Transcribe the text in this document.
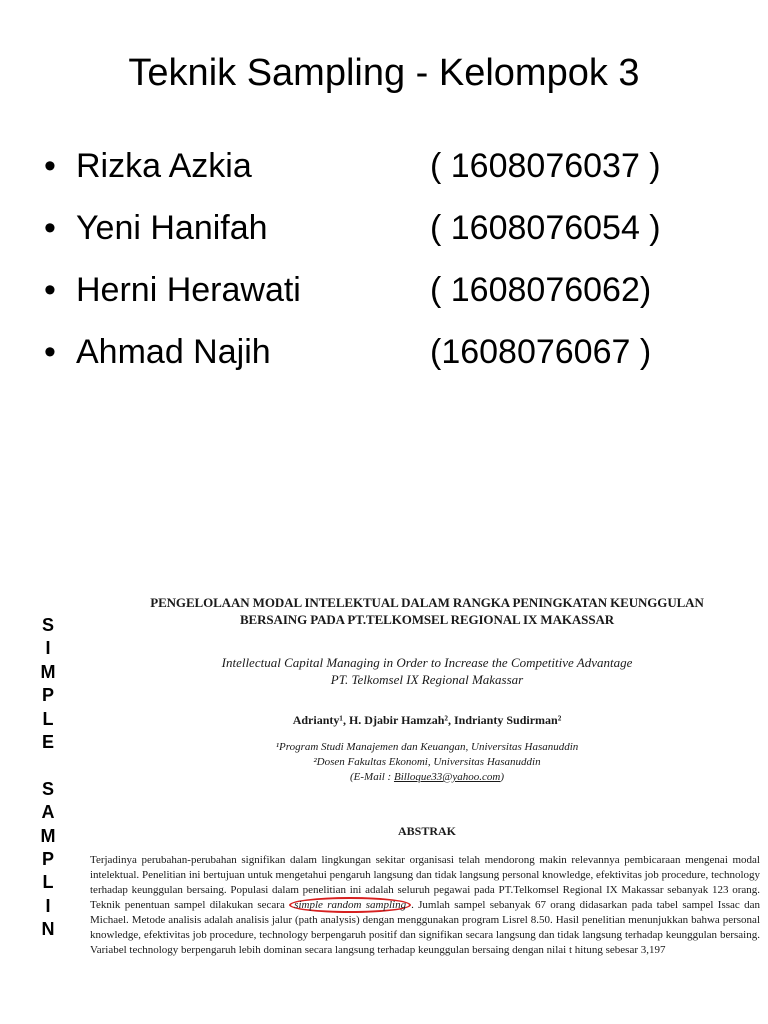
Teknik Sampling - Kelompok 3
• Rizka Azkia	( 1608076037 )
• Yeni Hanifah	( 1608076054 )
• Herni Herawati	( 1608076062)
• Ahmad Najih	(1608076067 )
S
I
M
P
L
E
S
A
M
P
L
I
N

PENGELOLAAN MODAL INTELEKTUAL DALAM RANGKA PENINGKATAN KEUNGGULAN
BERSAING PADA PT.TELKOMSEL REGIONAL IX MAKASSAR

Intellectual Capital Managing in Order to Increase the Competitive Advantage
PT. Telkomsel IX Regional Makassar

Adrianty¹, H. Djabir Hamzah², Indrianty Sudirman²

¹Program Studi Manajemen dan Keuangan, Universitas Hasanuddin
²Dosen Fakultas Ekonomi, Universitas Hasanuddin

(E-Mail : Billoque33@yahoo.com)

ABSTRAK

Terjadinya perubahan-perubahan signifikan dalam lingkungan sekitar organisasi telah mendorong makin relevannya pembicaraan mengenai modal intelektual. Penelitian ini bertujuan untuk mengetahui pengaruh langsung dan tidak langsung personal knowledge, efektivitas job procedure, technology terhadap keunggulan bersaing. Populasi dalam penelitian ini adalah seluruh pegawai pada PT.Telkomsel Regional IX Makassar sebanyak 123 orang. Teknik penentuan sampel dilakukan secara simple random sampling . Jumlah sampel sebanyak 67 orang didasarkan pada tabel sampel Issac dan Michael. Metode analisis adalah analisis jalur (path analysis) dengan menggunakan program Lisrel 8.50. Hasil penelitian menunjukkan bahwa personal knowledge, efektivitas job procedure, technology berpengaruh positif dan signifikan secara langsung dan tidak langsung terhadap keunggulan bersaing. Variabel technology berpengaruh lebih dominan secara langsung terhadap keunggulan bersaing dengan nilai t hitung sebesar 3,197
